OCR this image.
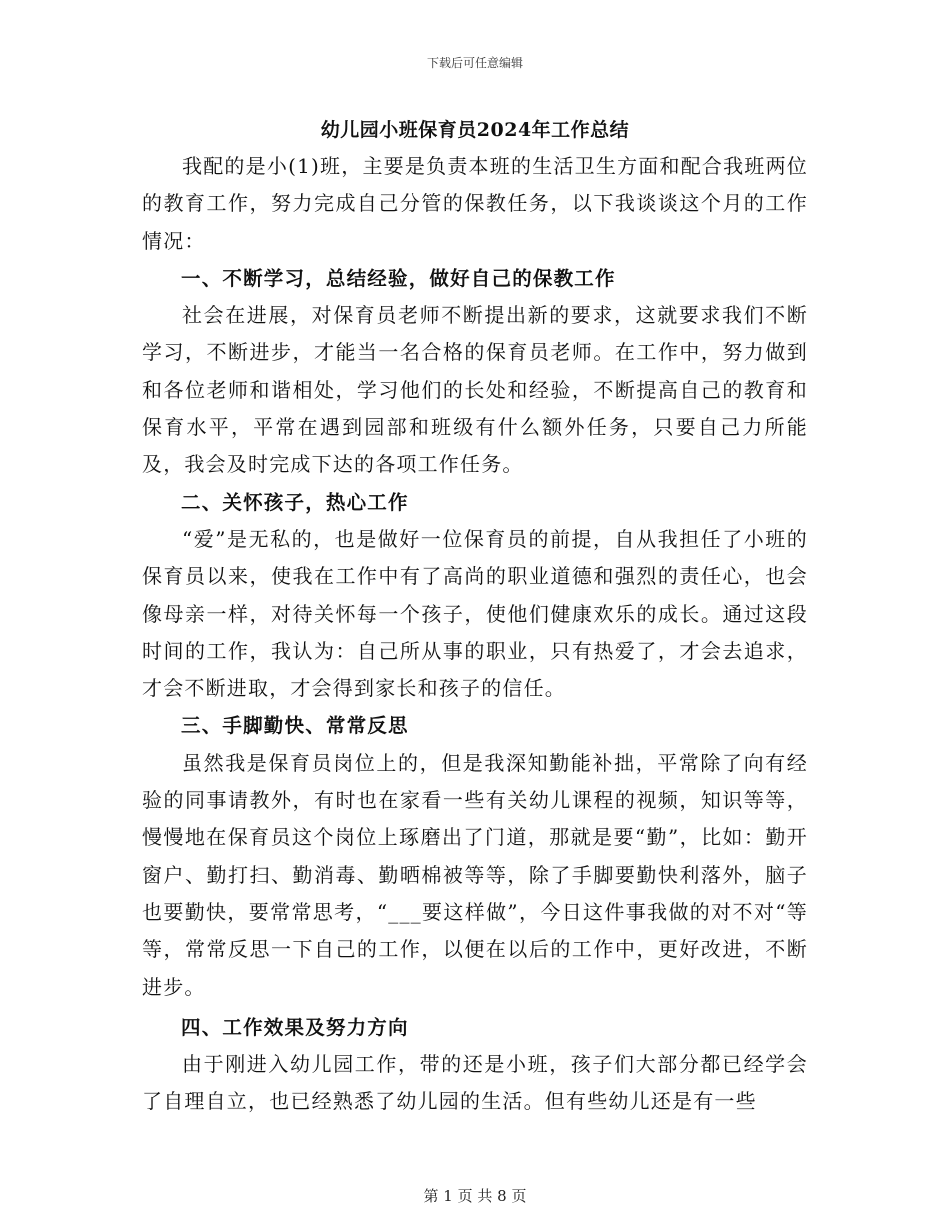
下载后可任意编辑
幼儿园小班保育员2024年工作总结

我配的是小(1)班，主要是负责本班的生活卫生方面和配合我班两位的教育工作，努力完成自己分管的保教任务，以下我谈谈这个月的工作情况：

一、不断学习，总结经验，做好自己的保教工作

社会在进展，对保育员老师不断提出新的要求，这就要求我们不断学习，不断进步，才能当一名合格的保育员老师。在工作中，努力做到和各位老师和谐相处，学习他们的长处和经验，不断提高自己的教育和保育水平，平常在遇到园部和班级有什么额外任务，只要自己力所能及，我会及时完成下达的各项工作任务。

二、关怀孩子，热心工作

“爱”是无私的，也是做好一位保育员的前提，自从我担任了小班的保育员以来，使我在工作中有了高尚的职业道德和强烈的责任心，也会像母亲一样，对待关怀每一个孩子，使他们健康欢乐的成长。通过这段时间的工作，我认为：自己所从事的职业，只有热爱了，才会去追求，才会不断进取，才会得到家长和孩子的信任。

三、手脚勤快、常常反思

虽然我是保育员岗位上的，但是我深知勤能补拙，平常除了向有经验的同事请教外，有时也在家看一些有关幼儿课程的视频，知识等等，慢慢地在保育员这个岗位上琢磨出了门道，那就是要“勤”，比如：勤开窗户、勤打扫、勤消毒、勤晒棉被等等，除了手脚要勤快利落外，脑子也要勤快，要常常思考，“___要这样做”，今日这件事我做的对不对“等等，常常反思一下自己的工作，以便在以后的工作中，更好改进，不断进步。

四、工作效果及努力方向

由于刚进入幼儿园工作，带的还是小班，孩子们大部分都已经学会了自理自立，也已经熟悉了幼儿园的生活。但有些幼儿还是有一些

第 1 页 共 8 页
